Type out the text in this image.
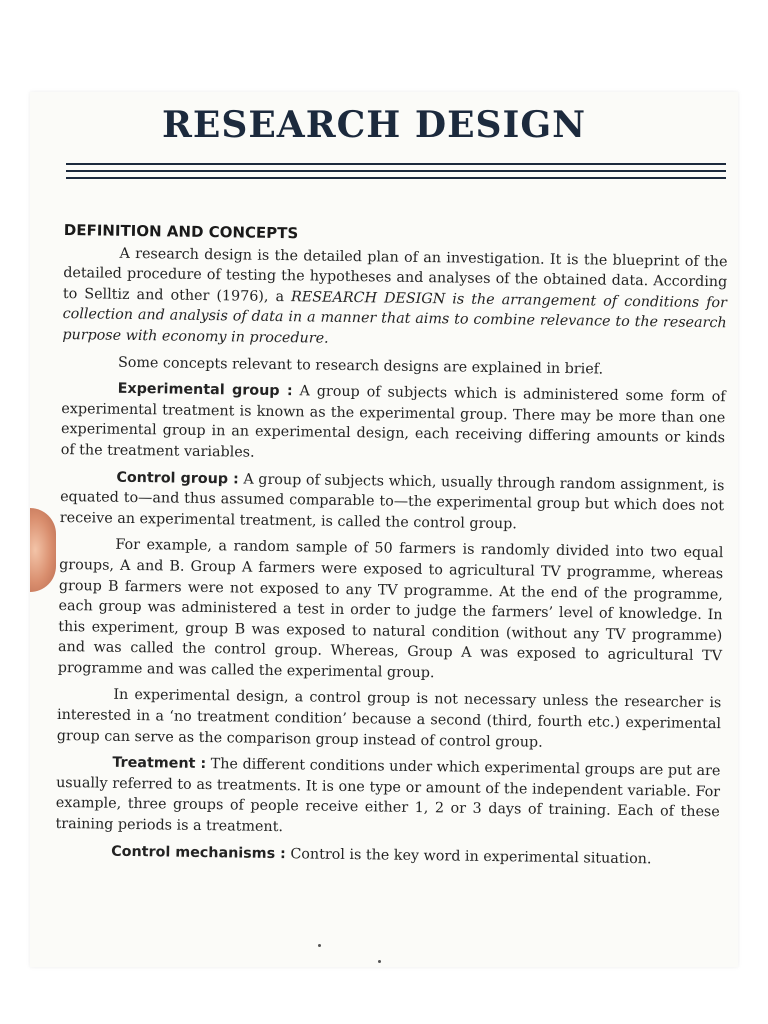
RESEARCH DESIGN
DEFINITION AND CONCEPTS

A research design is the detailed plan of an investigation. It is the blueprint of the detailed procedure of testing the hypotheses and analyses of the obtained data. According to Selltiz and other (1976), a RESEARCH DESIGN is the arrangement of conditions for collection and analysis of data in a manner that aims to combine relevance to the research purpose with economy in procedure.

Some concepts relevant to research designs are explained in brief.

Experimental group : A group of subjects which is administered some form of experimental treatment is known as the experimental group. There may be more than one experimental group in an experimental design, each receiving differing amounts or kinds of the treatment variables.

Control group : A group of subjects which, usually through random assignment, is equated to—and thus assumed comparable to—the experimental group but which does not receive an experimental treatment, is called the control group.

For example, a random sample of 50 farmers is randomly divided into two equal groups, A and B. Group A farmers were exposed to agricultural TV programme, whereas group B farmers were not exposed to any TV programme. At the end of the programme, each group was administered a test in order to judge the farmers’ level of knowledge. In this experiment, group B was exposed to natural condition (without any TV programme) and was called the control group. Whereas, Group A was exposed to agricultural TV programme and was called the experimental group.

In experimental design, a control group is not necessary unless the researcher is interested in a ‘no treatment condition’ because a second (third, fourth etc.) experimental group can serve as the comparison group instead of control group.

Treatment : The different conditions under which experimental groups are put are usually referred to as treatments. It is one type or amount of the independent variable. For example, three groups of people receive either 1, 2 or 3 days of training. Each of these training periods is a treatment.

Control mechanisms : Control is the key word in experimental situation.
